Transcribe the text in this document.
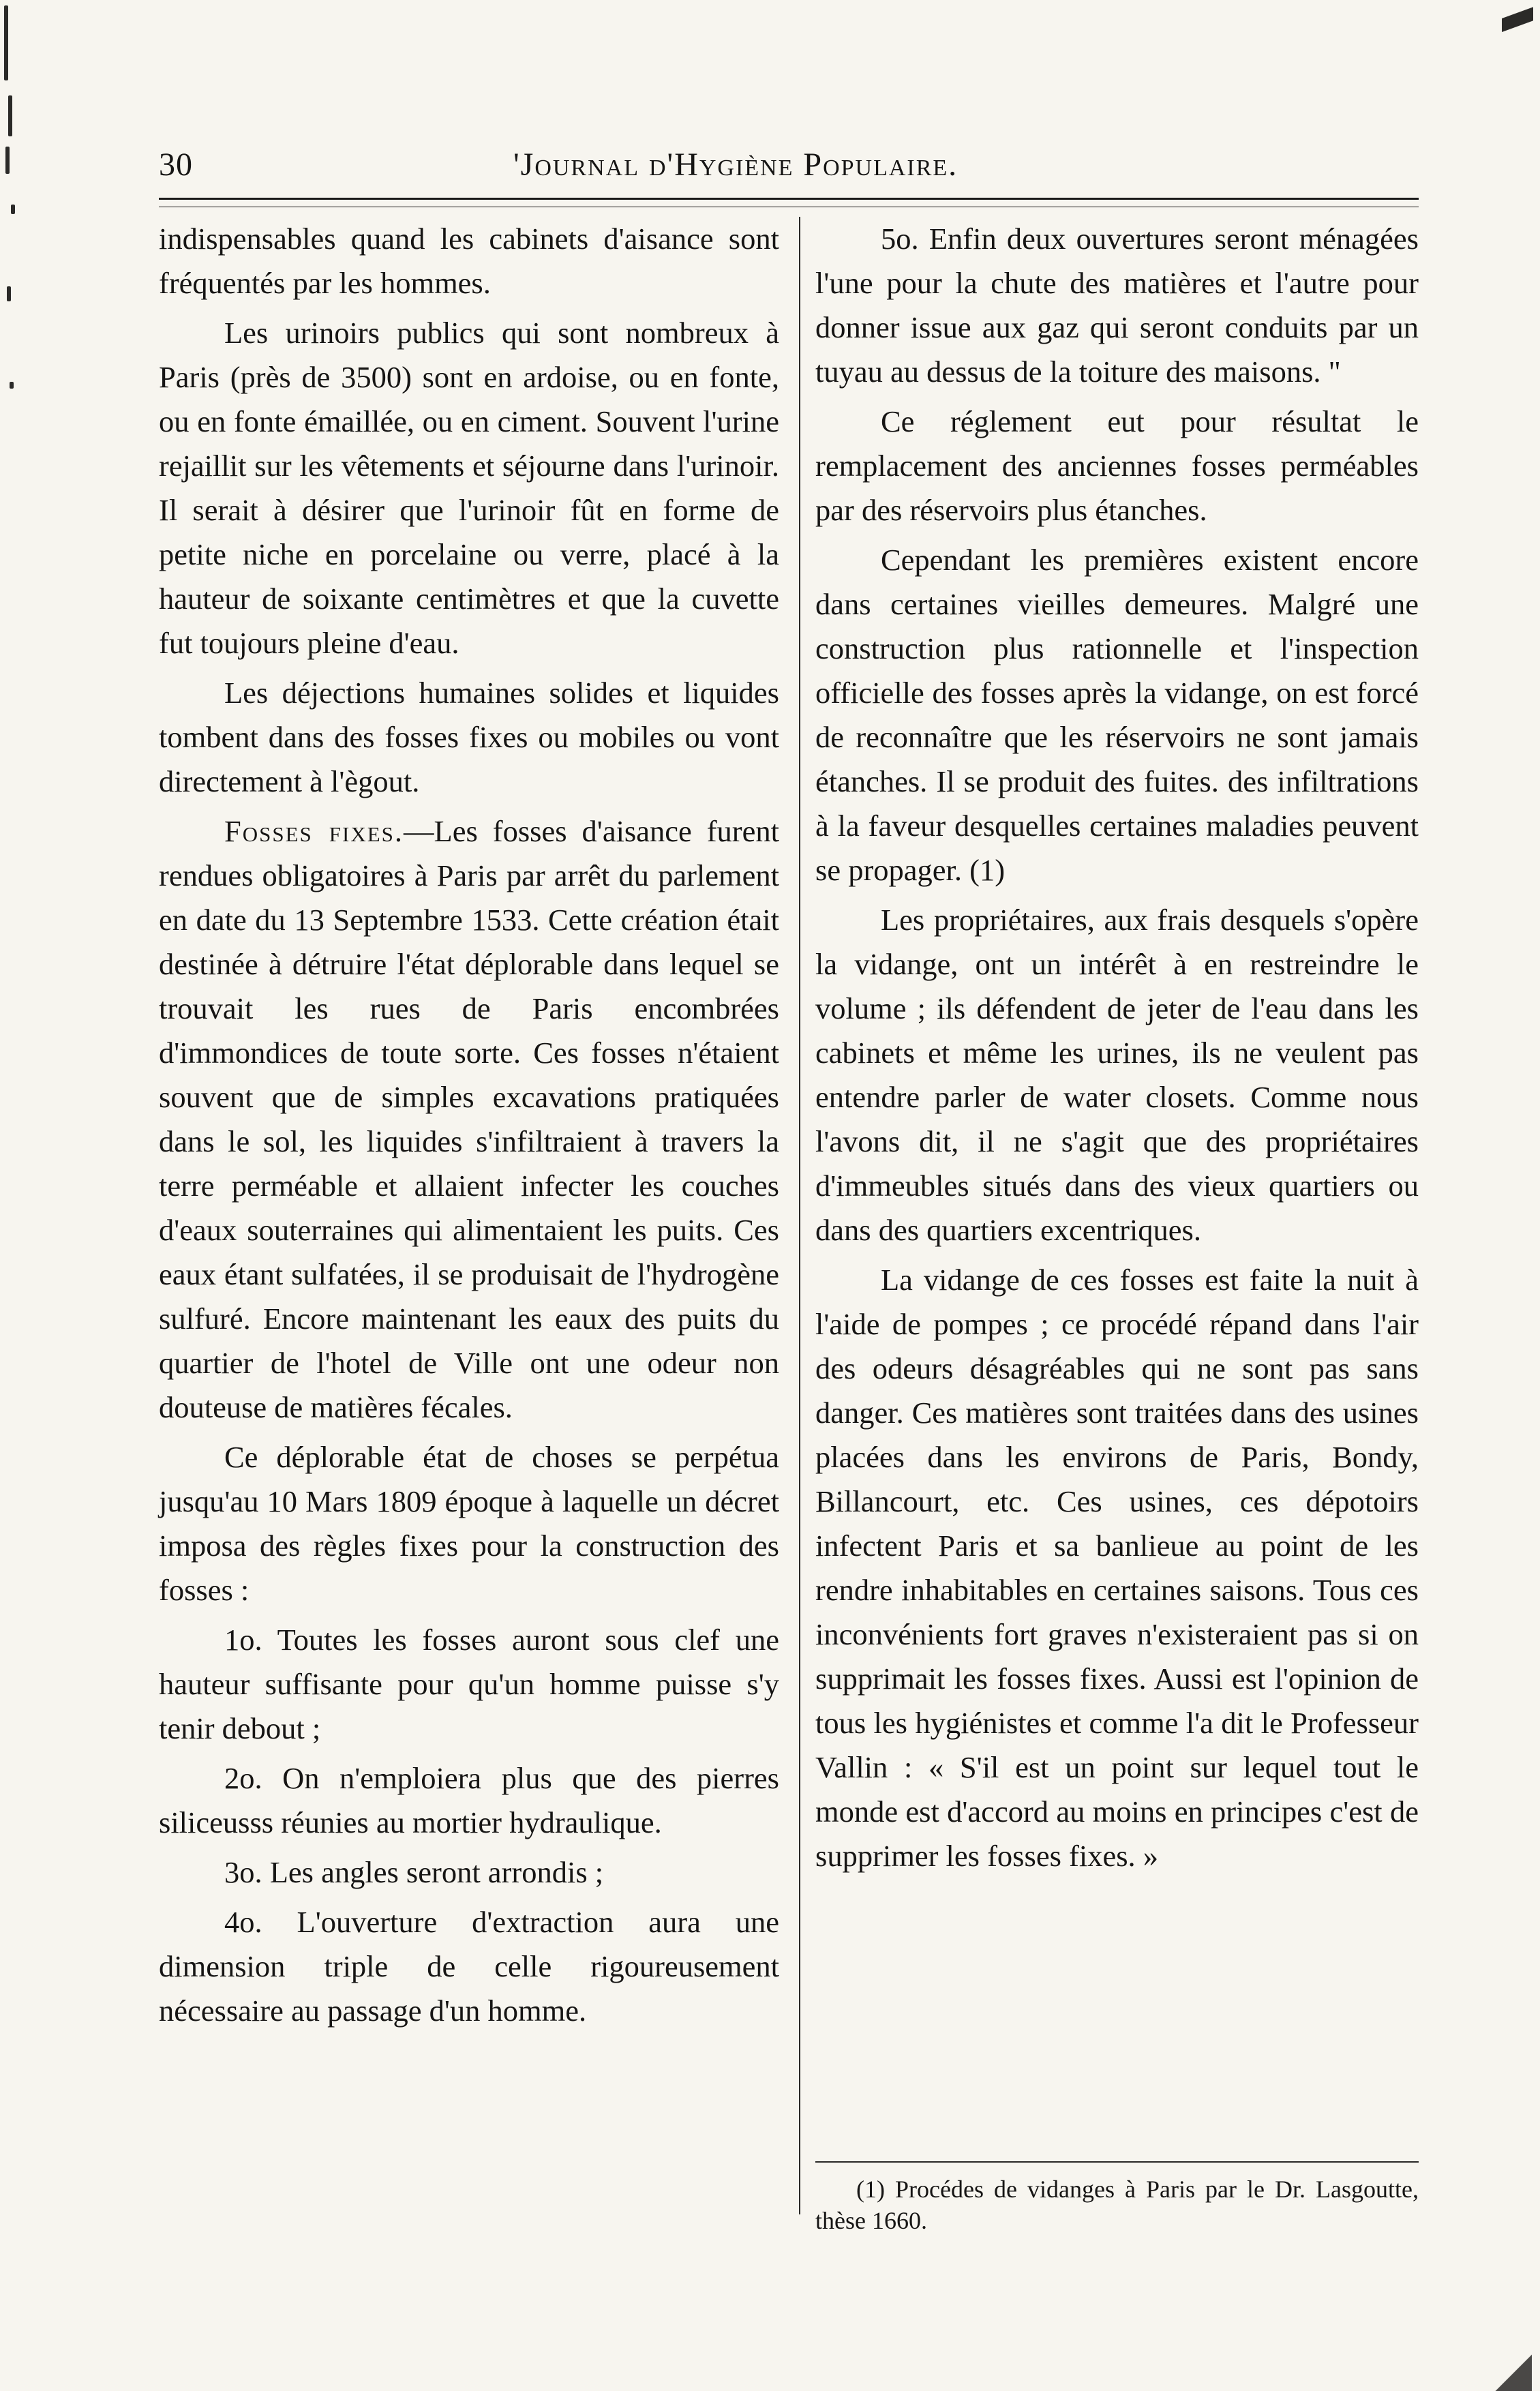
30	'Journal d'Hygiène Populaire.

indispensables quand les cabinets d'aisance sont fréquentés par les hommes.

Les urinoirs publics qui sont nombreux à Paris (près de 3500) sont en ardoise, ou en fonte, ou en fonte émaillée, ou en ciment. Souvent l'urine rejaillit sur les vêtements et séjourne dans l'urinoir. Il serait à désirer que l'urinoir fût en forme de petite niche en porcelaine ou verre, placé à la hauteur de soixante centimètres et que la cuvette fut toujours pleine d'eau.

Les déjections humaines solides et liquides tombent dans des fosses fixes ou mobiles ou vont directement à l'ègout.

Fosses fixes.—Les fosses d'aisance furent rendues obligatoires à Paris par arrêt du parlement en date du 13 Septembre 1533. Cette création était destinée à détruire l'état déplorable dans lequel se trouvait les rues de Paris encombrées d'immondices de toute sorte. Ces fosses n'étaient souvent que de simples excavations pratiquées dans le sol, les liquides s'infiltraient à travers la terre perméable et allaient infecter les couches d'eaux souterraines qui alimentaient les puits. Ces eaux étant sulfatées, il se produisait de l'hydrogène sulfuré. Encore maintenant les eaux des puits du quartier de l'hotel de Ville ont une odeur non douteuse de matières fécales.

Ce déplorable état de choses se perpétua jusqu'au 10 Mars 1809 époque à laquelle un décret imposa des règles fixes pour la construction des fosses :

1o. Toutes les fosses auront sous clef une hauteur suffisante pour qu'un homme puisse s'y tenir debout ;

2o. On n'emploiera plus que des pierres siliceusss réunies au mortier hydraulique.

3o. Les angles seront arrondis ;

4o. L'ouverture d'extraction aura une dimension triple de celle rigoureusement nécessaire au passage d'un homme.

5o. Enfin deux ouvertures seront ménagées l'une pour la chute des matières et l'autre pour donner issue aux gaz qui seront conduits par un tuyau au dessus de la toiture des maisons. "

Ce réglement eut pour résultat le remplacement des anciennes fosses perméables par des réservoirs plus étanches.

Cependant les premières existent encore dans certaines vieilles demeures. Malgré une construction plus rationnelle et l'inspection officielle des fosses après la vidange, on est forcé de reconnaître que les réservoirs ne sont jamais étanches. Il se produit des fuites. des infiltrations à la faveur desquelles certaines maladies peuvent se propager. (1)

Les propriétaires, aux frais desquels s'opère la vidange, ont un intérêt à en restreindre le volume ; ils défendent de jeter de l'eau dans les cabinets et même les urines, ils ne veulent pas entendre parler de water closets. Comme nous l'avons dit, il ne s'agit que des propriétaires d'immeubles situés dans des vieux quartiers ou dans des quartiers excentriques.

La vidange de ces fosses est faite la nuit à l'aide de pompes ; ce procédé répand dans l'air des odeurs désagréables qui ne sont pas sans danger. Ces matières sont traitées dans des usines placées dans les environs de Paris, Bondy, Billancourt, etc. Ces usines, ces dépotoirs infectent Paris et sa banlieue au point de les rendre inhabitables en certaines saisons. Tous ces inconvénients fort graves n'existeraient pas si on supprimait les fosses fixes. Aussi est l'opinion de tous les hygiénistes et comme l'a dit le Professeur Vallin : « S'il est un point sur lequel tout le monde est d'accord au moins en principes c'est de supprimer les fosses fixes. »

(1) Procédes de vidanges à Paris par le Dr. Lasgoutte, thèse 1660.
